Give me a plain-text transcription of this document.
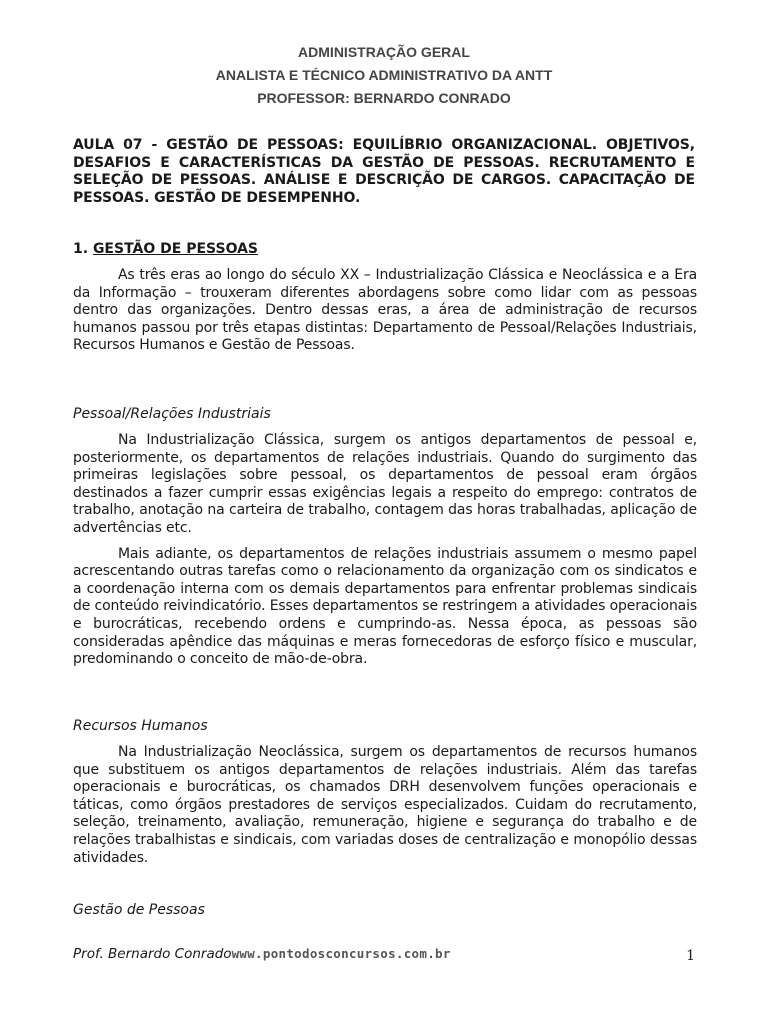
ADMINISTRAÇÃO GERAL
ANALISTA E TÉCNICO ADMINISTRATIVO DA ANTT
PROFESSOR: BERNARDO CONRADO
AULA 07 - GESTÃO DE PESSOAS: EQUILÍBRIO ORGANIZACIONAL. OBJETIVOS, DESAFIOS E CARACTERÍSTICAS DA GESTÃO DE PESSOAS. RECRUTAMENTO E SELEÇÃO DE PESSOAS. ANÁLISE E DESCRIÇÃO DE CARGOS. CAPACITAÇÃO DE PESSOAS. GESTÃO DE DESEMPENHO.
1. GESTÃO DE PESSOAS

As três eras ao longo do século XX – Industrialização Clássica e Neoclássica e a Era da Informação – trouxeram diferentes abordagens sobre como lidar com as pessoas dentro das organizações. Dentro dessas eras, a área de administração de recursos humanos passou por três etapas distintas: Departamento de Pessoal/Relações Industriais, Recursos Humanos e Gestão de Pessoas.

Pessoal/Relações Industriais

Na Industrialização Clássica, surgem os antigos departamentos de pessoal e, posteriormente, os departamentos de relações industriais. Quando do surgimento das primeiras legislações sobre pessoal, os departamentos de pessoal eram órgãos destinados a fazer cumprir essas exigências legais a respeito do emprego: contratos de trabalho, anotação na carteira de trabalho, contagem das horas trabalhadas, aplicação de advertências etc.

Mais adiante, os departamentos de relações industriais assumem o mesmo papel acrescentando outras tarefas como o relacionamento da organização com os sindicatos e a coordenação interna com os demais departamentos para enfrentar problemas sindicais de conteúdo reivindicatório. Esses departamentos se restringem a atividades operacionais e burocráticas, recebendo ordens e cumprindo-as. Nessa época, as pessoas são consideradas apêndice das máquinas e meras fornecedoras de esforço físico e muscular, predominando o conceito de mão-de-obra.

Recursos Humanos

Na Industrialização Neoclássica, surgem os departamentos de recursos humanos que substituem os antigos departamentos de relações industriais. Além das tarefas operacionais e burocráticas, os chamados DRH desenvolvem funções operacionais e táticas, como órgãos prestadores de serviços especializados. Cuidam do recrutamento, seleção, treinamento, avaliação, remuneração, higiene e segurança do trabalho e de relações trabalhistas e sindicais, com variadas doses de centralização e monopólio dessas atividades.

Gestão de Pessoas
Prof. Bernardo Conradowww.pontodosconcursos.com.br	1
